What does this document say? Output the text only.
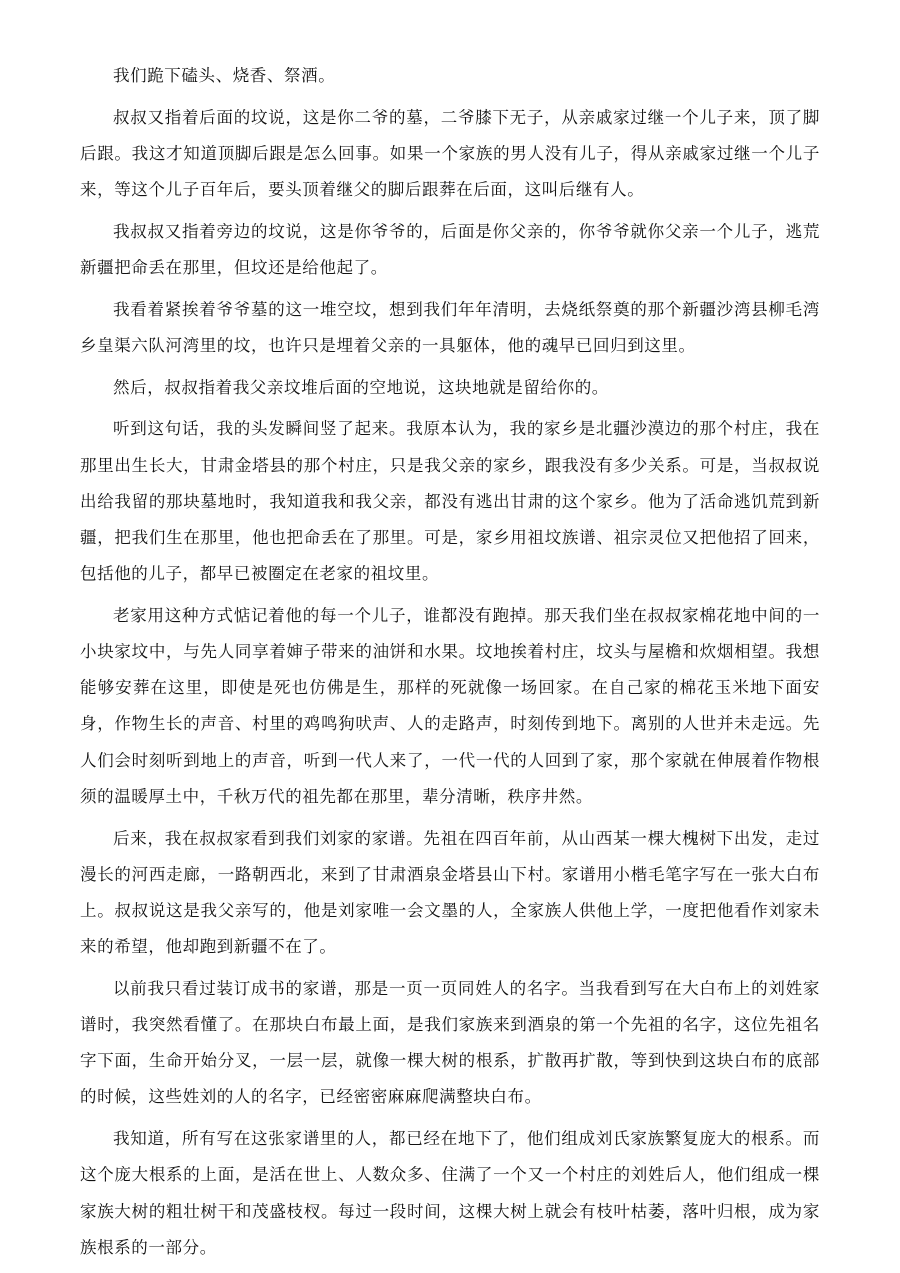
我们跪下磕头、烧香、祭酒。

叔叔又指着后面的坟说，这是你二爷的墓，二爷膝下无子，从亲戚家过继一个儿子来，顶了脚后跟。我这才知道顶脚后跟是怎么回事。如果一个家族的男人没有儿子，得从亲戚家过继一个儿子来，等这个儿子百年后，要头顶着继父的脚后跟葬在后面，这叫后继有人。

我叔叔又指着旁边的坟说，这是你爷爷的，后面是你父亲的，你爷爷就你父亲一个儿子，逃荒新疆把命丢在那里，但坟还是给他起了。

我看着紧挨着爷爷墓的这一堆空坟，想到我们年年清明，去烧纸祭奠的那个新疆沙湾县柳毛湾乡皇渠六队河湾里的坟，也许只是埋着父亲的一具躯体，他的魂早已回归到这里。

然后，叔叔指着我父亲坟堆后面的空地说，这块地就是留给你的。

听到这句话，我的头发瞬间竖了起来。我原本认为，我的家乡是北疆沙漠边的那个村庄，我在那里出生长大，甘肃金塔县的那个村庄，只是我父亲的家乡，跟我没有多少关系。可是，当叔叔说出给我留的那块墓地时，我知道我和我父亲，都没有逃出甘肃的这个家乡。他为了活命逃饥荒到新疆，把我们生在那里，他也把命丢在了那里。可是，家乡用祖坟族谱、祖宗灵位又把他招了回来，包括他的儿子，都早已被圈定在老家的祖坟里。

老家用这种方式惦记着他的每一个儿子，谁都没有跑掉。那天我们坐在叔叔家棉花地中间的一小块家坟中，与先人同享着婶子带来的油饼和水果。坟地挨着村庄，坟头与屋檐和炊烟相望。我想能够安葬在这里，即使是死也仿佛是生，那样的死就像一场回家。在自己家的棉花玉米地下面安身，作物生长的声音、村里的鸡鸣狗吠声、人的走路声，时刻传到地下。离别的人世并未走远。先人们会时刻听到地上的声音，听到一代人来了，一代一代的人回到了家，那个家就在伸展着作物根须的温暖厚土中，千秋万代的祖先都在那里，辈分清晰，秩序井然。

后来，我在叔叔家看到我们刘家的家谱。先祖在四百年前，从山西某一棵大槐树下出发，走过漫长的河西走廊，一路朝西北，来到了甘肃酒泉金塔县山下村。家谱用小楷毛笔字写在一张大白布上。叔叔说这是我父亲写的，他是刘家唯一会文墨的人，全家族人供他上学，一度把他看作刘家未来的希望，他却跑到新疆不在了。

以前我只看过装订成书的家谱，那是一页一页同姓人的名字。当我看到写在大白布上的刘姓家谱时，我突然看懂了。在那块白布最上面，是我们家族来到酒泉的第一个先祖的名字，这位先祖名字下面，生命开始分叉，一层一层，就像一棵大树的根系，扩散再扩散，等到快到这块白布的底部的时候，这些姓刘的人的名字，已经密密麻麻爬满整块白布。

我知道，所有写在这张家谱里的人，都已经在地下了，他们组成刘氏家族繁复庞大的根系。而这个庞大根系的上面，是活在世上、人数众多、住满了一个又一个村庄的刘姓后人，他们组成一棵家族大树的粗壮树干和茂盛枝杈。每过一段时间，这棵大树上就会有枝叶枯萎，落叶归根，成为家族根系的一部分。
